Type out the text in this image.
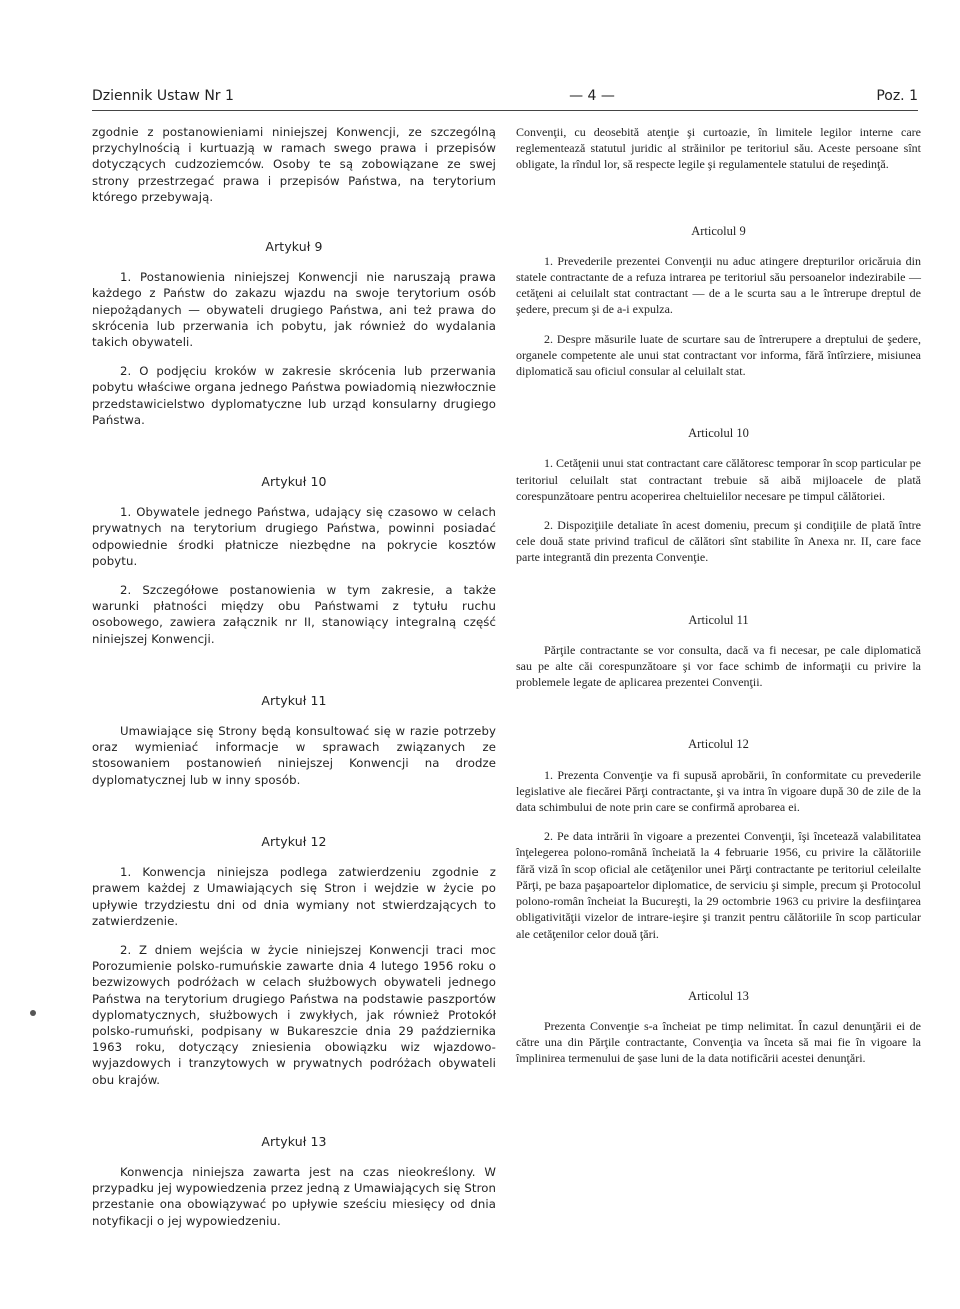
Dziennik Ustaw Nr 1	— 4 —	Poz. 1

zgodnie z postanowieniami niniejszej Konwencji, ze szczególną przychylnością i kurtuazją w ramach swego prawa i przepisów dotyczących cudzoziemców. Osoby te są zobowiązane ze swej strony przestrzegać prawa i przepisów Państwa, na terytorium którego przebywają.

Artykuł 9

1. Postanowienia niniejszej Konwencji nie naruszają prawa każdego z Państw do zakazu wjazdu na swoje terytorium osób niepożądanych — obywateli drugiego Państwa, ani też prawa do skrócenia lub przerwania ich pobytu, jak również do wydalania takich obywateli.

2. O podjęciu kroków w zakresie skrócenia lub przerwania pobytu właściwe organa jednego Państwa powiadomią niezwłocznie przedstawicielstwo dyplomatyczne lub urząd konsularny drugiego Państwa.

Artykuł 10

1. Obywatele jednego Państwa, udający się czasowo w celach prywatnych na terytorium drugiego Państwa, powinni posiadać odpowiednie środki płatnicze niezbędne na pokrycie kosztów pobytu.

2. Szczegółowe postanowienia w tym zakresie, a także warunki płatności między obu Państwami z tytułu ruchu osobowego, zawiera załącznik nr II, stanowiący integralną część niniejszej Konwencji.

Artykuł 11

Umawiające się Strony będą konsultować się w razie potrzeby oraz wymieniać informacje w sprawach związanych ze stosowaniem postanowień niniejszej Konwencji na drodze dyplomatycznej lub w inny sposób.

Artykuł 12

1. Konwencja niniejsza podlega zatwierdzeniu zgodnie z prawem każdej z Umawiających się Stron i wejdzie w życie po upływie trzydziestu dni od dnia wymiany not stwierdzających to zatwierdzenie.

2. Z dniem wejścia w życie niniejszej Konwencji traci moc Porozumienie polsko-rumuńskie zawarte dnia 4 lutego 1956 roku o bezwizowych podróżach w celach służbowych obywateli jednego Państwa na terytorium drugiego Państwa na podstawie paszportów dyplomatycznych, służbowych i zwykłych, jak również Protokół polsko-rumuński, podpisany w Bukareszcie dnia 29 października 1963 roku, dotyczący zniesienia obowiązku wiz wjazdowo-wyjazdowych i tranzytowych w prywatnych podróżach obywateli obu krajów.

Artykuł 13

Konwencja niniejsza zawarta jest na czas nieokreślony. W przypadku jej wypowiedzenia przez jedną z Umawiających się Stron przestanie ona obowiązywać po upływie sześciu miesięcy od dnia notyfikacji o jej wypowiedzeniu.

Convenţii, cu deosebită atenţie şi curtoazie, în limitele legilor interne care reglementează statutul juridic al străinilor pe teritoriul său. Aceste persoane sînt obligate, la rîndul lor, să respecte legile şi regulamentele statului de reşedinţă.

Articolul 9

1. Prevederile prezentei Convenţii nu aduc atingere drepturilor oricăruia din statele contractante de a refuza intrarea pe teritoriul său persoanelor indezirabile — cetăţeni ai celuilalt stat contractant — de a le scurta sau a le întrerupe dreptul de şedere, precum şi de a-i expulza.

2. Despre măsurile luate de scurtare sau de întrerupere a dreptului de şedere, organele competente ale unui stat contractant vor informa, fără întîrziere, misiunea diplomatică sau oficiul consular al celuilalt stat.

Articolul 10

1. Cetăţenii unui stat contractant care călătoresc temporar în scop particular pe teritoriul celuilalt stat contractant trebuie să aibă mijloacele de plată corespunzătoare pentru acoperirea cheltuielilor necesare pe timpul călătoriei.

2. Dispoziţiile detaliate în acest domeniu, precum şi condiţiile de plată între cele două state privind traficul de călători sînt stabilite în Anexa nr. II, care face parte integrantă din prezenta Convenţie.

Articolul 11

Părţile contractante se vor consulta, dacă va fi necesar, pe cale diplomatică sau pe alte căi corespunzătoare şi vor face schimb de informaţii cu privire la problemele legate de aplicarea prezentei Convenţii.

Articolul 12

1. Prezenta Convenţie va fi supusă aprobării, în conformitate cu prevederile legislative ale fiecărei Părţi contractante, şi va intra în vigoare după 30 de zile de la data schimbului de note prin care se confirmă aprobarea ei.

2. Pe data intrării în vigoare a prezentei Convenţii, îşi încetează valabilitatea înţelegerea polono-română încheiată la 4 februarie 1956, cu privire la călătoriile fără viză în scop oficial ale cetăţenilor unei Părţi contractante pe teritoriul celeilalte Părţi, pe baza paşapoartelor diplomatice, de serviciu şi simple, precum şi Protocolul polono-român încheiat la Bucureşti, la 29 octombrie 1963 cu privire la desfiinţarea obligativităţii vizelor de intrare-ieşire şi tranzit pentru călătoriile în scop particular ale cetăţenilor celor două ţări.

Articolul 13

Prezenta Convenţie s-a încheiat pe timp nelimitat. În cazul denunţării ei de către una din Părţile contractante, Convenţia va înceta să mai fie în vigoare la împlinirea termenului de şase luni de la data notificării acestei denunţări.
